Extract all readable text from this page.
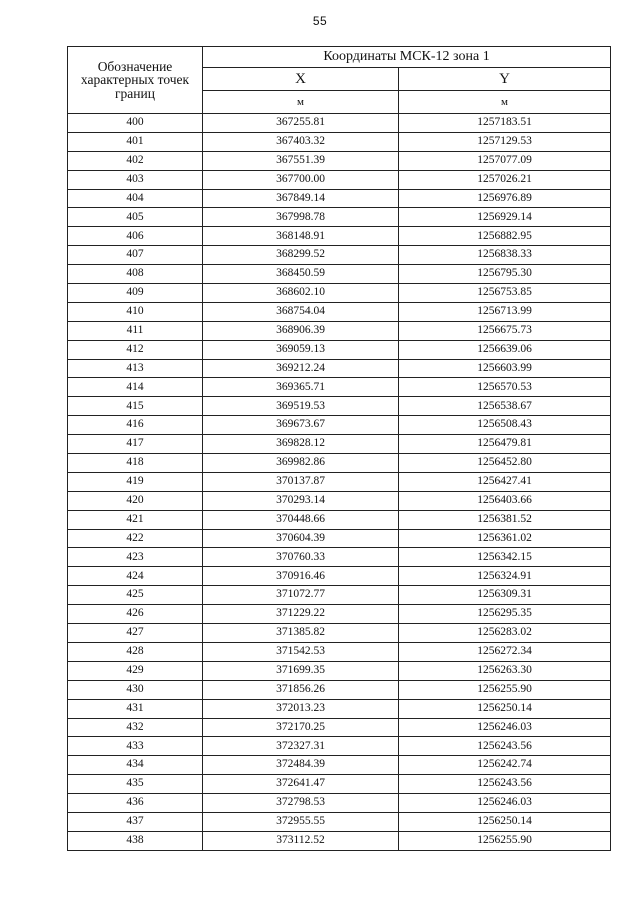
55
Обозначение характерных точек границ	Координаты МСК-12 зона 1	
	X	Y
	м	м
400	367255.81	1257183.51
401	367403.32	1257129.53
402	367551.39	1257077.09
403	367700.00	1257026.21
404	367849.14	1256976.89
405	367998.78	1256929.14
406	368148.91	1256882.95
407	368299.52	1256838.33
408	368450.59	1256795.30
409	368602.10	1256753.85
410	368754.04	1256713.99
411	368906.39	1256675.73
412	369059.13	1256639.06
413	369212.24	1256603.99
414	369365.71	1256570.53
415	369519.53	1256538.67
416	369673.67	1256508.43
417	369828.12	1256479.81
418	369982.86	1256452.80
419	370137.87	1256427.41
420	370293.14	1256403.66
421	370448.66	1256381.52
422	370604.39	1256361.02
423	370760.33	1256342.15
424	370916.46	1256324.91
425	371072.77	1256309.31
426	371229.22	1256295.35
427	371385.82	1256283.02
428	371542.53	1256272.34
429	371699.35	1256263.30
430	371856.26	1256255.90
431	372013.23	1256250.14
432	372170.25	1256246.03
433	372327.31	1256243.56
434	372484.39	1256242.74
435	372641.47	1256243.56
436	372798.53	1256246.03
437	372955.55	1256250.14
438	373112.52	1256255.90
